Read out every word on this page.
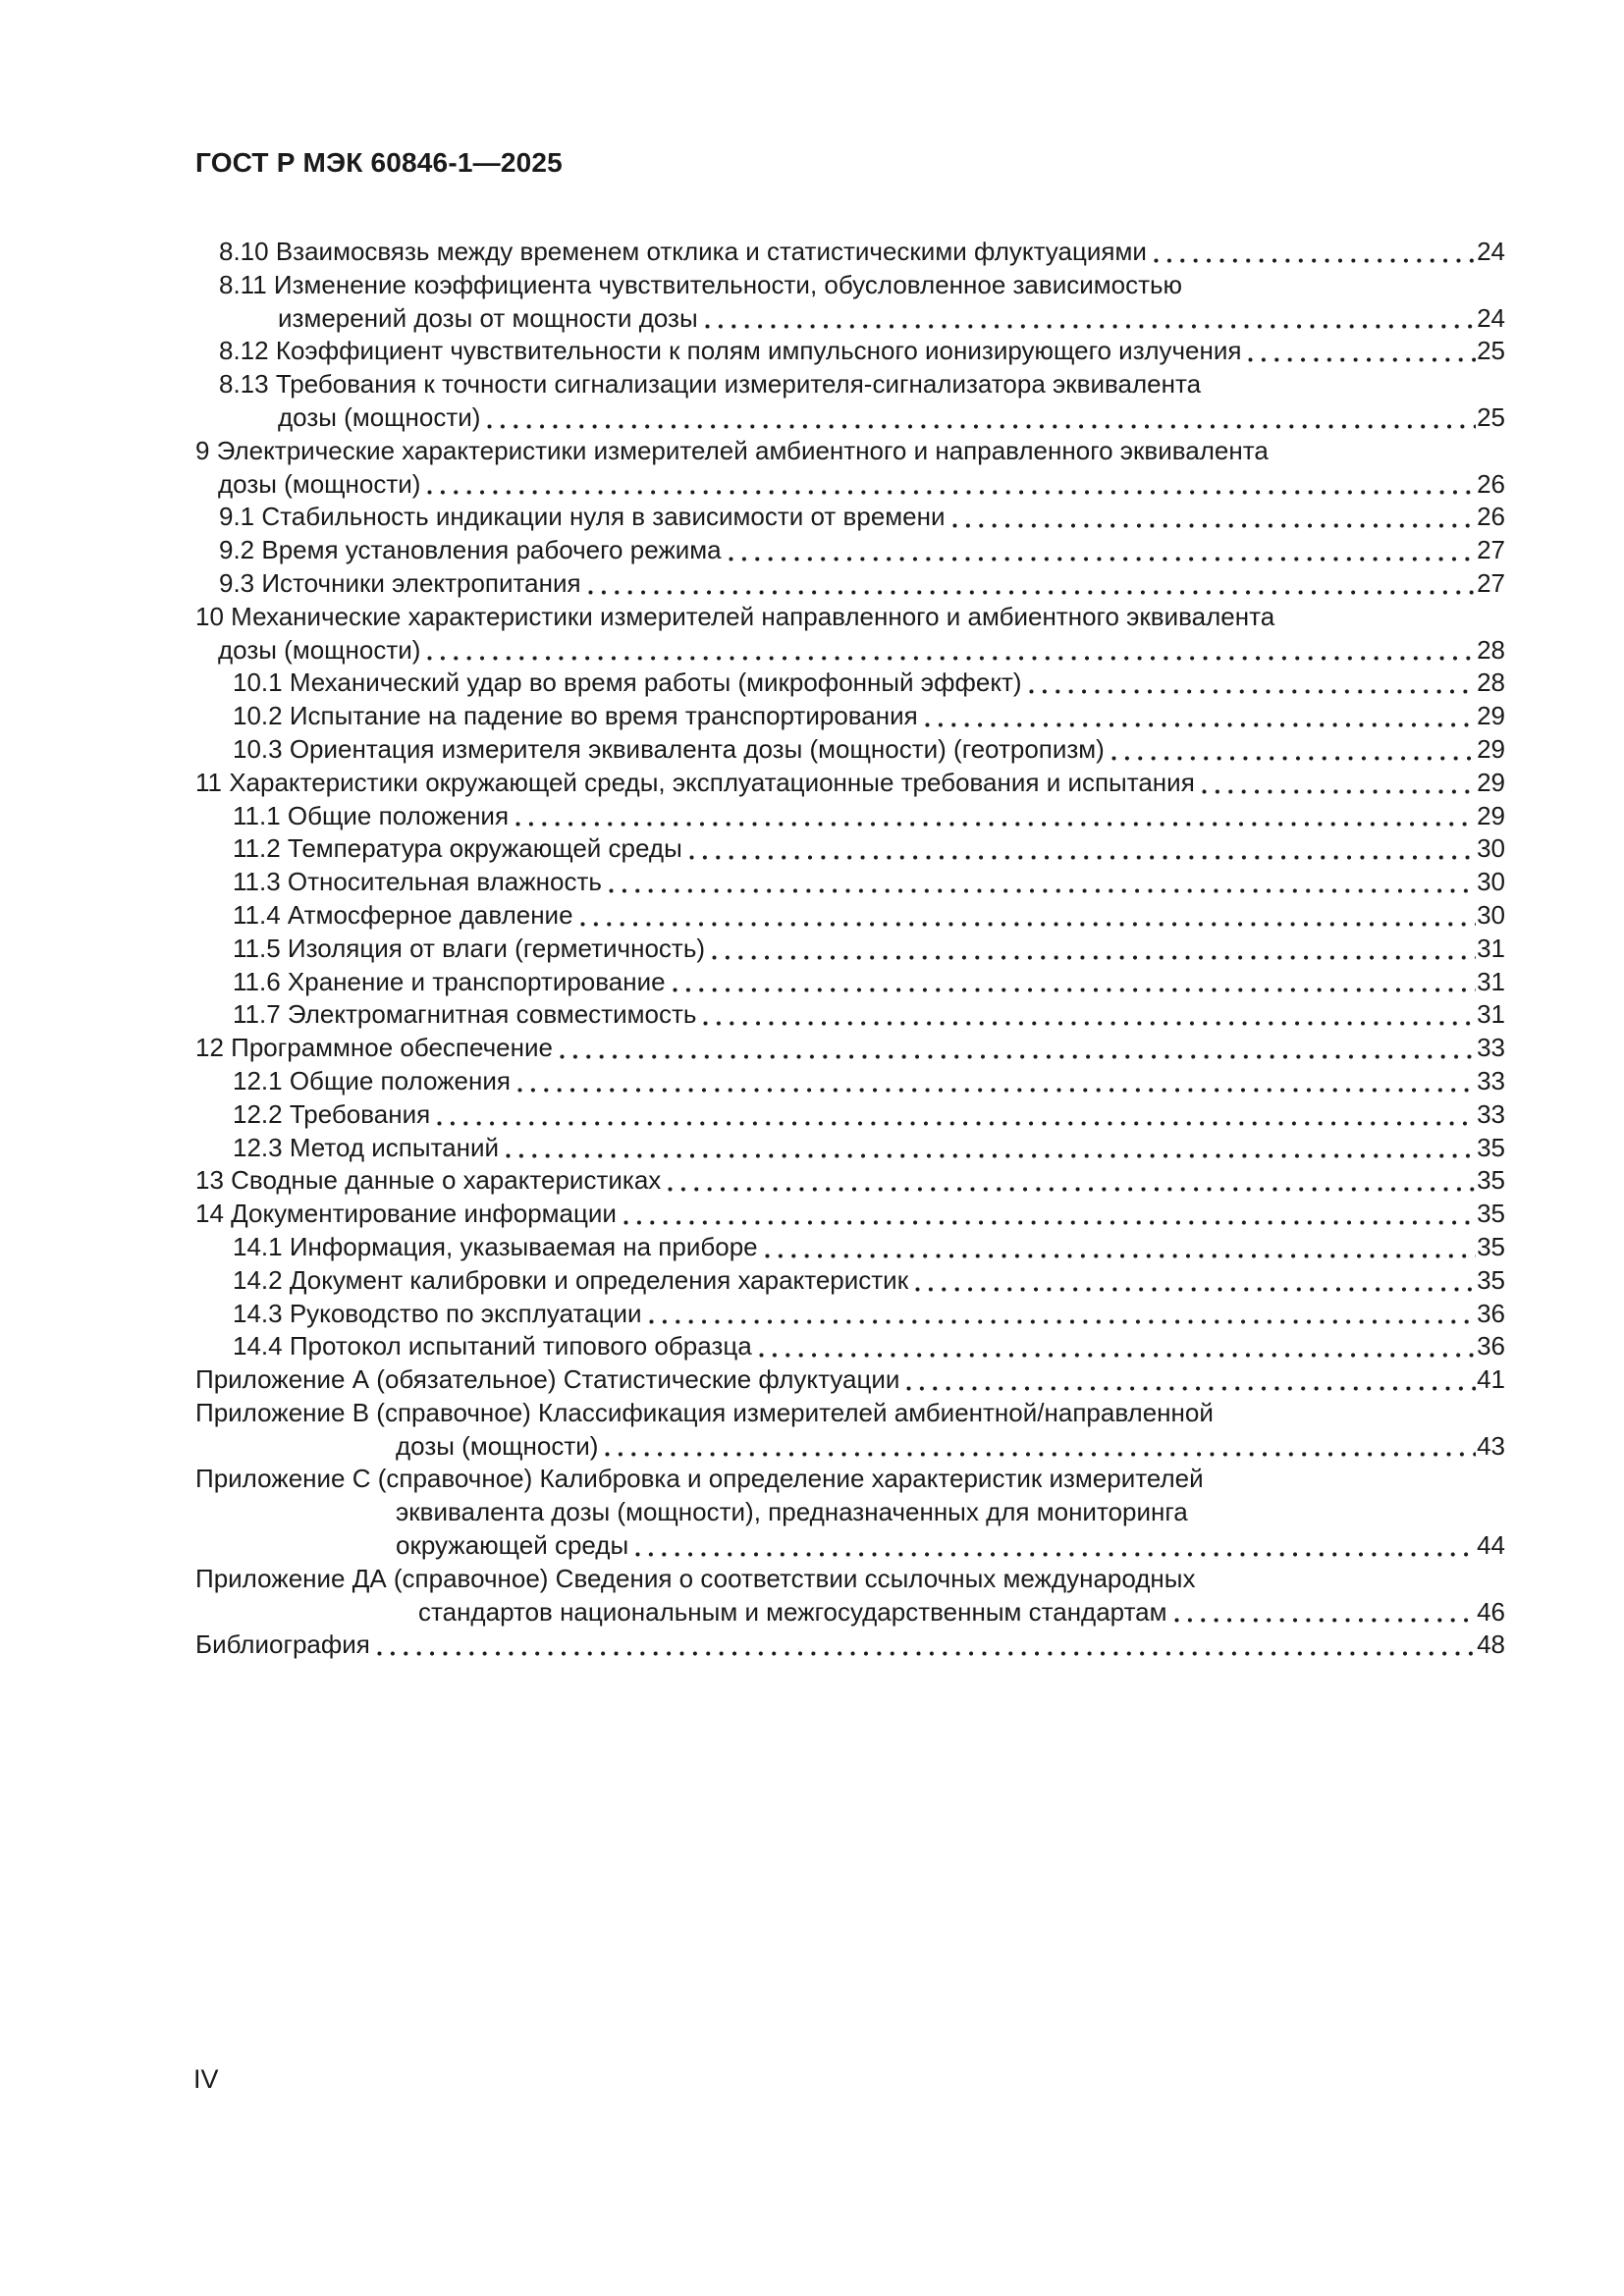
ГОСТ Р МЭК 60846-1—2025
8.10 Взаимосвязь между временем отклика и статистическими флуктуациями	24
8.11 Изменение коэффициента чувствительности, обусловленное зависимостью
измерений дозы от мощности дозы	24
8.12 Коэффициент чувствительности к полям импульсного ионизирующего излучения	25
8.13 Требования к точности сигнализации измерителя-сигнализатора эквивалента
дозы (мощности)	25
9 Электрические характеристики измерителей амбиентного и направленного эквивалента
дозы (мощности)	26
9.1 Стабильность индикации нуля в зависимости от времени	26
9.2 Время установления рабочего режима	27
9.3 Источники электропитания	27
10 Механические характеристики измерителей направленного и амбиентного эквивалента
дозы (мощности)	28
10.1 Механический удар во время работы (микрофонный эффект)	28
10.2 Испытание на падение во время транспортирования	29
10.3 Ориентация измерителя эквивалента дозы (мощности) (геотропизм)	29
11 Характеристики окружающей среды, эксплуатационные требования и испытания	29
11.1 Общие положения	29
11.2 Температура окружающей среды	30
11.3 Относительная влажность	30
11.4 Атмосферное давление	30
11.5 Изоляция от влаги (герметичность)	31
11.6 Хранение и транспортирование	31
11.7 Электромагнитная совместимость	31
12 Программное обеспечение	33
12.1 Общие положения	33
12.2 Требования	33
12.3 Метод испытаний	35
13 Сводные данные о характеристиках	35
14 Документирование информации	35
14.1 Информация, указываемая на приборе	35
14.2 Документ калибровки и определения характеристик	35
14.3 Руководство по эксплуатации	36
14.4 Протокол испытаний типового образца	36
Приложение А (обязательное) Статистические флуктуации	41
Приложение В (справочное) Классификация измерителей амбиентной/направленной
дозы (мощности)	43
Приложение С (справочное) Калибровка и определение характеристик измерителей
эквивалента дозы (мощности), предназначенных для мониторинга
окружающей среды	44
Приложение ДА (справочное) Сведения о соответствии ссылочных международных
стандартов национальным и межгосударственным стандартам	46
Библиография	48
IV
